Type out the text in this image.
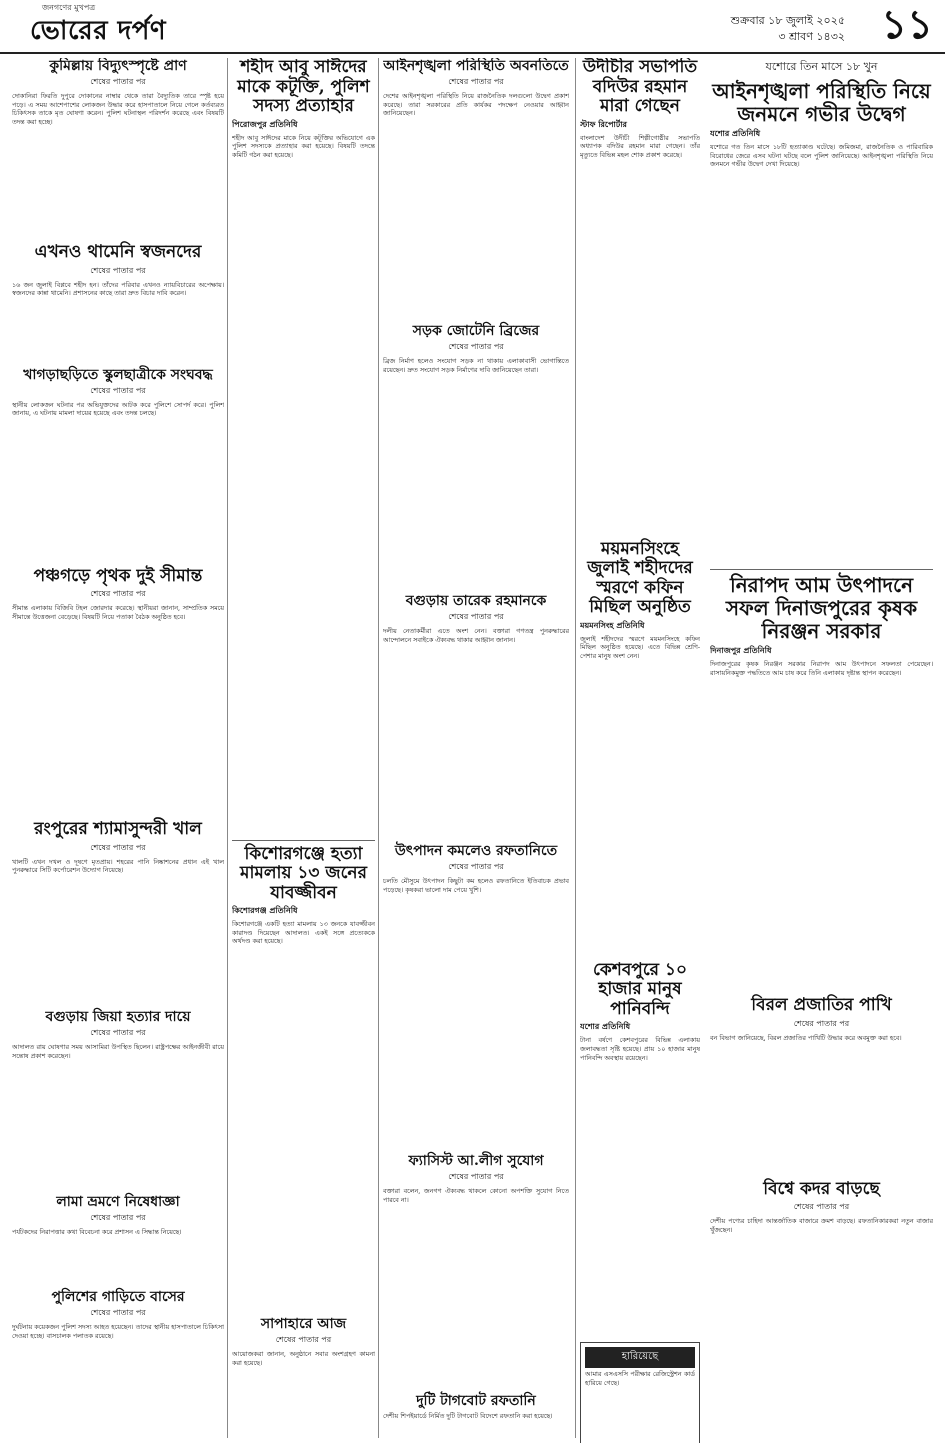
জনগণের মুখপত্র
ভোরের দর্পণ	শুক্রবার ১৮ জুলাই ২০২৫
৩ শ্রাবণ ১৪৩২ ১১
কুমিল্লায় বিদ্যুৎস্পৃষ্টে প্রাণ
শেষের পাতার পর
দোকানিরা ফিরতি দুপুরে দোকানের নাম্বার থেকে তারা বৈদ্যুতিক তারে স্পৃষ্ট হয়ে পড়ে। এ সময় আশেপাশের লোকজন উদ্ধার করে হাসপাতালে নিয়ে গেলে কর্তব্যরত চিকিৎসক তাকে মৃত ঘোষণা করেন। পুলিশ ঘটনাস্থল পরিদর্শন করেছে এবং বিষয়টি তদন্ত করা হচ্ছে।
এখনও থামেনি স্বজনদের
শেষের পাতার পর
১৬ জন জুলাই বিপ্লবে শহীদ হন। তাঁদের পরিবার এখনও ন্যায়বিচারের অপেক্ষায়। স্বজনদের কান্না থামেনি। প্রশাসনের কাছে তারা দ্রুত বিচার দাবি করেন।
খাগড়াছড়িতে স্কুলছাত্রীকে সংঘবদ্ধ
শেষের পাতার পর
স্থানীয় লোকজন ঘটনার পর অভিযুক্তদের আটক করে পুলিশে সোপর্দ করে। পুলিশ জানায়, এ ঘটনায় মামলা দায়ের হয়েছে এবং তদন্ত চলছে।
পঞ্চগড়ে পৃথক দুই সীমান্ত
শেষের পাতার পর
সীমান্ত এলাকায় বিজিবি টহল জোরদার করেছে। স্থানীয়রা জানান, সাম্প্রতিক সময়ে সীমান্তে উত্তেজনা বেড়েছে। বিষয়টি নিয়ে পতাকা বৈঠক অনুষ্ঠিত হবে।
রংপুরের শ্যামাসুন্দরী খাল
শেষের পাতার পর
খালটি এখন দখল ও দূষণে মৃতপ্রায়। শহরের পানি নিষ্কাশনের প্রধান এই খাল পুনরুদ্ধারে সিটি কর্পোরেশন উদ্যোগ নিয়েছে।
বগুড়ায় জিয়া হত্যার দায়ে
শেষের পাতার পর
আদালত রায় ঘোষণার সময় আসামিরা উপস্থিত ছিলেন। রাষ্ট্রপক্ষের আইনজীবী রায়ে সন্তোষ প্রকাশ করেছেন।
লামা ভ্রমণে নিষেধাজ্ঞা
শেষের পাতার পর
পর্যটকদের নিরাপত্তার কথা বিবেচনা করে প্রশাসন এ সিদ্ধান্ত নিয়েছে।
পুলিশের গাড়িতে বাসের
শেষের পাতার পর
দুর্ঘটনায় কয়েকজন পুলিশ সদস্য আহত হয়েছেন। তাদের স্থানীয় হাসপাতালে চিকিৎসা দেওয়া হচ্ছে। বাসচালক পলাতক রয়েছে।
শহীদ আবু সাঈদের মাকে কটূক্তি, পুলিশ সদস্য প্রত্যাহার
পিরোজপুর প্রতিনিধি
শহীদ আবু সাঈদের মাকে নিয়ে কটূক্তির অভিযোগে এক পুলিশ সদস্যকে প্রত্যাহার করা হয়েছে। বিষয়টি তদন্তে কমিটি গঠন করা হয়েছে।
কিশোরগঞ্জে হত্যা মামলায় ১৩ জনের যাবজ্জীবন
কিশোরগঞ্জ প্রতিনিধি
কিশোরগঞ্জে একটি হত্যা মামলায় ১৩ জনকে যাবজ্জীবন কারাদণ্ড দিয়েছেন আদালত। একই সঙ্গে প্রত্যেককে অর্থদণ্ড করা হয়েছে।
সাপাহারে আজ
শেষের পাতার পর
আয়োজকরা জানান, অনুষ্ঠানে সবার অংশগ্রহণ কামনা করা হয়েছে।
আইনশৃঙ্খলা পরিস্থিতি অবনতিতে
শেষের পাতার পর
দেশের আইনশৃঙ্খলা পরিস্থিতি নিয়ে রাজনৈতিক দলগুলো উদ্বেগ প্রকাশ করেছে। তারা সরকারের প্রতি কার্যকর পদক্ষেপ নেওয়ার আহ্বান জানিয়েছেন।
সড়ক জোটেনি ব্রিজের
শেষের পাতার পর
ব্রিজ নির্মাণ হলেও সংযোগ সড়ক না থাকায় এলাকাবাসী ভোগান্তিতে রয়েছেন। দ্রুত সংযোগ সড়ক নির্মাণের দাবি জানিয়েছেন তারা।
বগুড়ায় তারেক রহমানকে
শেষের পাতার পর
দলীয় নেতাকর্মীরা এতে অংশ নেন। বক্তারা গণতন্ত্র পুনরুদ্ধারের আন্দোলনে সবাইকে ঐক্যবদ্ধ থাকার আহ্বান জানান।
উৎপাদন কমলেও রফতানিতে
শেষের পাতার পর
চলতি মৌসুমে উৎপাদন কিছুটা কম হলেও রফতানিতে ইতিবাচক প্রভাব পড়েছে। কৃষকরা ভালো দাম পেয়ে খুশি।
ফ্যাসিস্ট আ.লীগ সুযোগ
শেষের পাতার পর
বক্তারা বলেন, জনগণ ঐক্যবদ্ধ থাকলে কোনো অপশক্তি সুযোগ নিতে পারবে না।
দুটি টাগবোট রফতানি
দেশীয় শিপইয়ার্ডে নির্মিত দুটি টাগবোট বিদেশে রফতানি করা হয়েছে।
উদীচীর সভাপতি বদিউর রহমান মারা গেছেন
স্টাফ রিপোর্টার
বাংলাদেশ উদীচী শিল্পীগোষ্ঠীর সভাপতি অধ্যাপক বদিউর রহমান মারা গেছেন। তাঁর মৃত্যুতে বিভিন্ন মহল শোক প্রকাশ করেছে।
ময়মনসিংহে জুলাই শহীদদের স্মরণে কফিন মিছিল অনুষ্ঠিত
ময়মনসিংহ প্রতিনিধি
জুলাই শহীদদের স্মরণে ময়মনসিংহে কফিন মিছিল অনুষ্ঠিত হয়েছে। এতে বিভিন্ন শ্রেণি-পেশার মানুষ অংশ নেন।
কেশবপুরে ১০ হাজার মানুষ পানিবন্দি
যশোর প্রতিনিধি
টানা বর্ষণে কেশবপুরের বিভিন্ন এলাকায় জলাবদ্ধতা সৃষ্টি হয়েছে। প্রায় ১০ হাজার মানুষ পানিবন্দি অবস্থায় রয়েছেন।
হারিয়েছে
আমার এসএসসি পরীক্ষার রেজিস্ট্রেশন কার্ড হারিয়ে গেছে।
যশোরে তিন মাসে ১৮ খুন
আইনশৃঙ্খলা পরিস্থিতি নিয়ে জনমনে গভীর উদ্বেগ
যশোর প্রতিনিধি
যশোরে গত তিন মাসে ১৮টি হত্যাকাণ্ড ঘটেছে। জমিজমা, রাজনৈতিক ও পারিবারিক বিরোধের জেরে এসব ঘটনা ঘটছে বলে পুলিশ জানিয়েছে। আইনশৃঙ্খলা পরিস্থিতি নিয়ে জনমনে গভীর উদ্বেগ দেখা দিয়েছে।
নিরাপদ আম উৎপাদনে সফল দিনাজপুরের কৃষক নিরঞ্জন সরকার
দিনাজপুর প্রতিনিধি
দিনাজপুরের কৃষক নিরঞ্জন সরকার নিরাপদ আম উৎপাদনে সফলতা পেয়েছেন। রাসায়নিকমুক্ত পদ্ধতিতে আম চাষ করে তিনি এলাকায় দৃষ্টান্ত স্থাপন করেছেন।
বিরল প্রজাতির পাখি
শেষের পাতার পর
বন বিভাগ জানিয়েছে, বিরল প্রজাতির পাখিটি উদ্ধার করে অবমুক্ত করা হবে।
বিশ্বে কদর বাড়ছে
শেষের পাতার পর
দেশীয় পণ্যের চাহিদা আন্তর্জাতিক বাজারে ক্রমশ বাড়ছে। রফতানিকারকরা নতুন বাজার খুঁজছেন।
